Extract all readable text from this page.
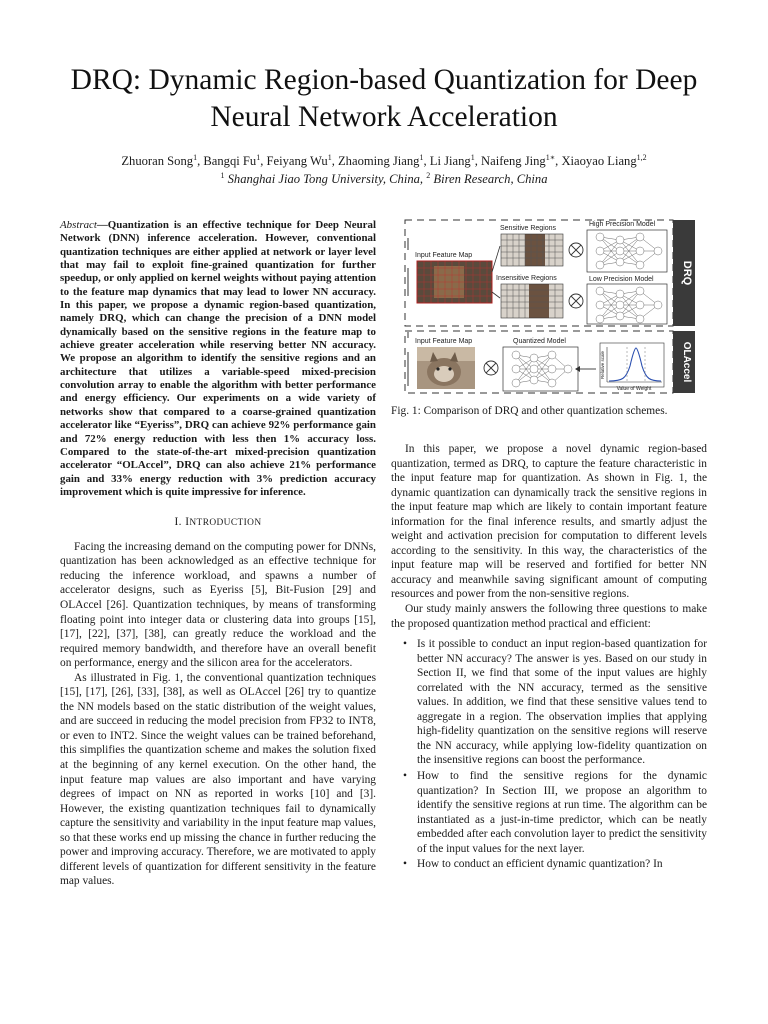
DRQ: Dynamic Region-based Quantization for Deep Neural Network Acceleration
Zhuoran Song$^1$, Bangqi Fu$^1$, Feiyang Wu$^1$, Zhaoming Jiang$^1$, Li Jiang$^1$, Naifeng Jing$^{1∗}$, Xiaoyao Liang$^{1,2}$
$^1$ Shanghai Jiao Tong University, China, $^2$ Biren Research, China

Abstract—Quantization is an effective technique for Deep Neural Network (DNN) inference acceleration. However, conventional quantization techniques are either applied at network or layer level that may fail to exploit fine-grained quantization for further speedup, or only applied on kernel weights without paying attention to the feature map dynamics that may lead to lower NN accuracy. In this paper, we propose a dynamic region-based quantization, namely DRQ, which can change the precision of a DNN model dynamically based on the sensitive regions in the feature map to achieve greater acceleration while reserving better NN accuracy. We propose an algorithm to identify the sensitive regions and an architecture that utilizes a variable-speed mixed-precision convolution array to enable the algorithm with better performance and energy efficiency. Our experiments on a wide variety of networks show that compared to a coarse-grained quantization accelerator like “Eyeriss”, DRQ can achieve 92% performance gain and 72% energy reduction with less then 1% accuracy loss. Compared to the state-of-the-art mixed-precision quantization accelerator “OLAccel”, DRQ can also achieve 21% performance gain and 33% energy reduction with 3% prediction accuracy improvement which is quite impressive for inference.

I. INTRODUCTION

Facing the increasing demand on the computing power for DNNs, quantization has been acknowledged as an effective technique for reducing the inference workload, and spawns a number of accelerator designs, such as Eyeriss [5], Bit-Fusion [29] and OLAccel [26]. Quantization techniques, by means of transforming floating point into integer data or clustering data into groups [15], [17], [22], [37], [38], can greatly reduce the workload and the required memory bandwidth, and therefore have an overall benefit on performance, energy and the silicon area for the accelerators.

As illustrated in Fig. 1, the conventional quantization techniques [15], [17], [26], [33], [38], as well as OLAccel [26] try to quantize the NN models based on the static distribution of the weight values, and are succeed in reducing the model precision from FP32 to INT8, or even to INT2. Since the weight values can be trained beforehand, this simplifies the quantization scheme and makes the solution fixed at the beginning of any kernel execution. On the other hand, the input feature map values are also important and have varying degrees of impact on NN as reported in works [10] and [3]. However, the existing quantization techniques fail to dynamically capture the sensitivity and variability in the input feature map values, so that these works end up missing the chance in further reducing the power and improving accuracy. Therefore, we are motivated to apply different levels of quantization for different sensitivity in the feature map values.

DRQ
OLAccel
Input Feature Map
Sensitive Regions
Insensitive Regions
High Precision Model
Low Precision Model
Input Feature Map	Quantized Model
Relative scale
Value of Weight
Fig. 1: Comparison of DRQ and other quantization schemes.

In this paper, we propose a novel dynamic region-based quantization, termed as DRQ, to capture the feature characteristic in the input feature map for quantization. As shown in Fig. 1, the dynamic quantization can dynamically track the sensitive regions in the input feature map which are likely to contain important feature information for the final inference results, and smartly adjust the weight and activation precision for computation to different levels according to the sensitivity. In this way, the characteristics of the input feature map will be reserved and fortified for better NN accuracy and meanwhile saving significant amount of computing resources and power from the non-sensitive regions.

Our study mainly answers the following three questions to make the proposed quantization method practical and efficient:

• Is it possible to conduct an input region-based quantization for better NN accuracy? The answer is yes. Based on our study in Section II, we find that some of the input values are highly correlated with the NN accuracy, termed as the sensitive values. In addition, we find that these sensitive values tend to aggregate in a region. The observation implies that applying high-fidelity quantization on the sensitive regions will reserve the NN accuracy, while applying low-fidelity quantization on the insensitive regions can boost the performance.
• How to find the sensitive regions for the dynamic quantization? In Section III, we propose an algorithm to identify the sensitive regions at run time. The algorithm can be instantiated as a just-in-time predictor, which can be neatly embedded after each convolution layer to predict the sensitivity of the input values for the next layer.
• How to conduct an efficient dynamic quantization? In
